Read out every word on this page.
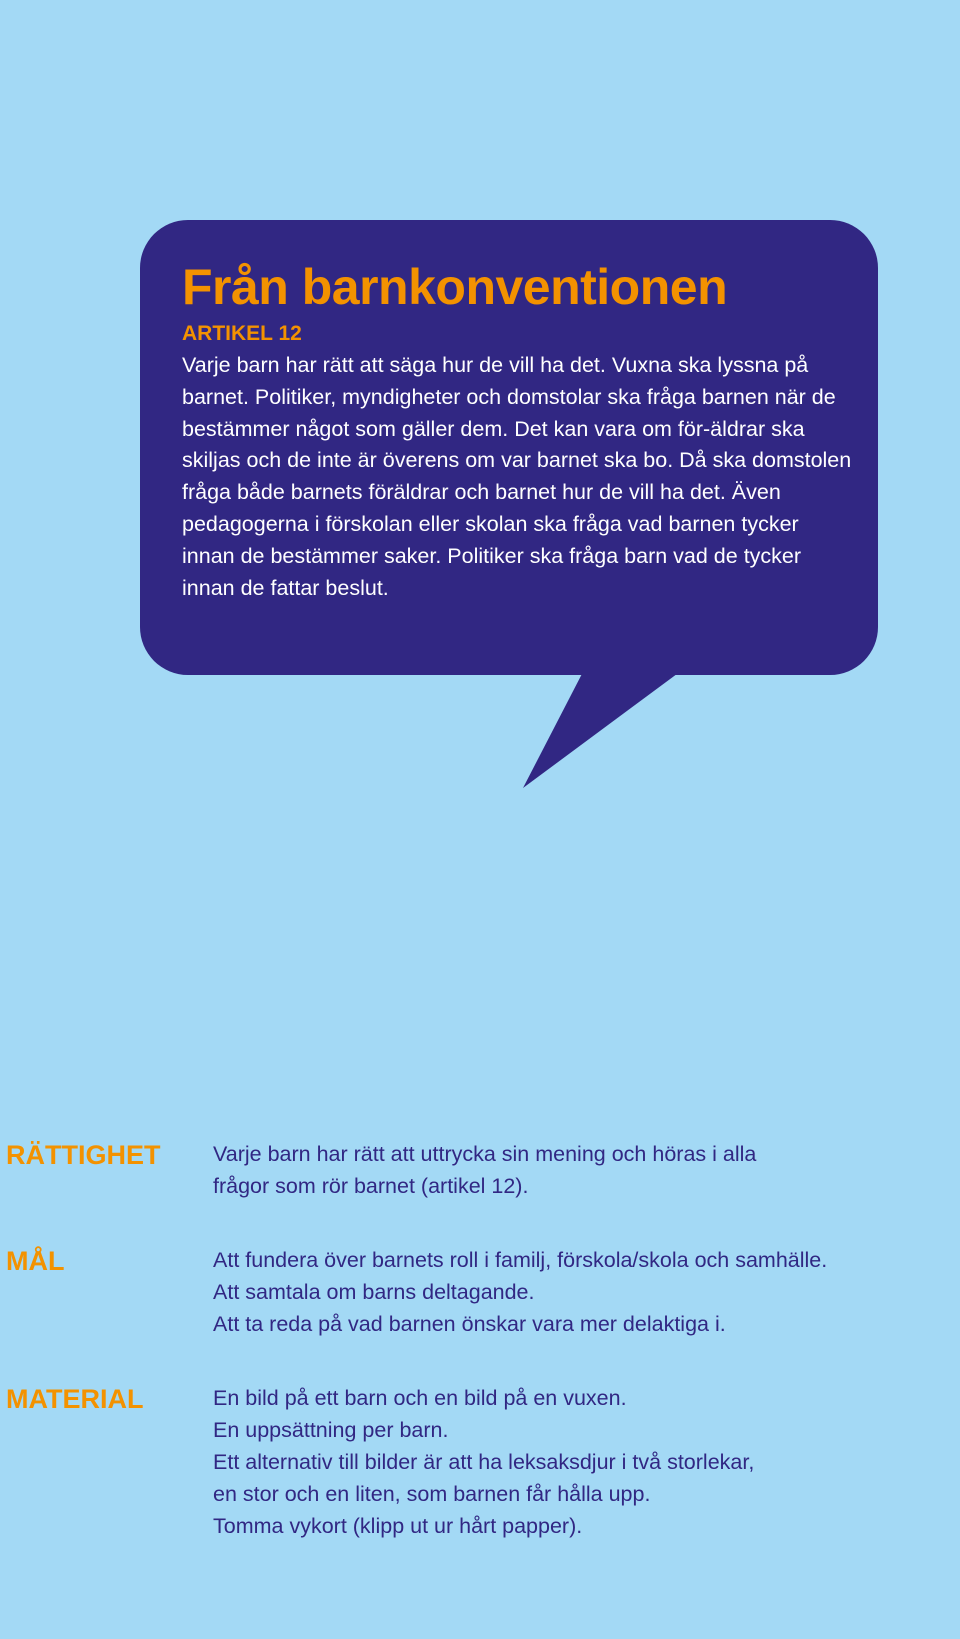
Från barnkonventionen
ARTIKEL 12

Varje barn har rätt att säga hur de vill ha det. Vuxna ska lyssna på barnet. Politiker, myndigheter och domstolar ska fråga barnen när de bestämmer något som gäller dem. Det kan vara om för-äldrar ska skiljas och de inte är överens om var barnet ska bo. Då ska domstolen fråga både barnets föräldrar och barnet hur de vill ha det. Även pedagogerna i förskolan eller skolan ska fråga vad barnen tycker innan de bestämmer saker. Politiker ska fråga barn vad de tycker innan de fattar beslut.

RÄTTIGHET Varje barn har rätt att uttrycka sin mening och höras i alla
frågor som rör barnet (artikel 12).
MÅL	Att fundera över barnets roll i familj, förskola/skola och samhälle.
Att samtala om barns deltagande.
Att ta reda på vad barnen önskar vara mer delaktiga i.
MATERIAL	En bild på ett barn och en bild på en vuxen.
En uppsättning per barn.
Ett alternativ till bilder är att ha leksaksdjur i två storlekar,
en stor och en liten, som barnen får hålla upp.
Tomma vykort (klipp ut ur hårt papper).
